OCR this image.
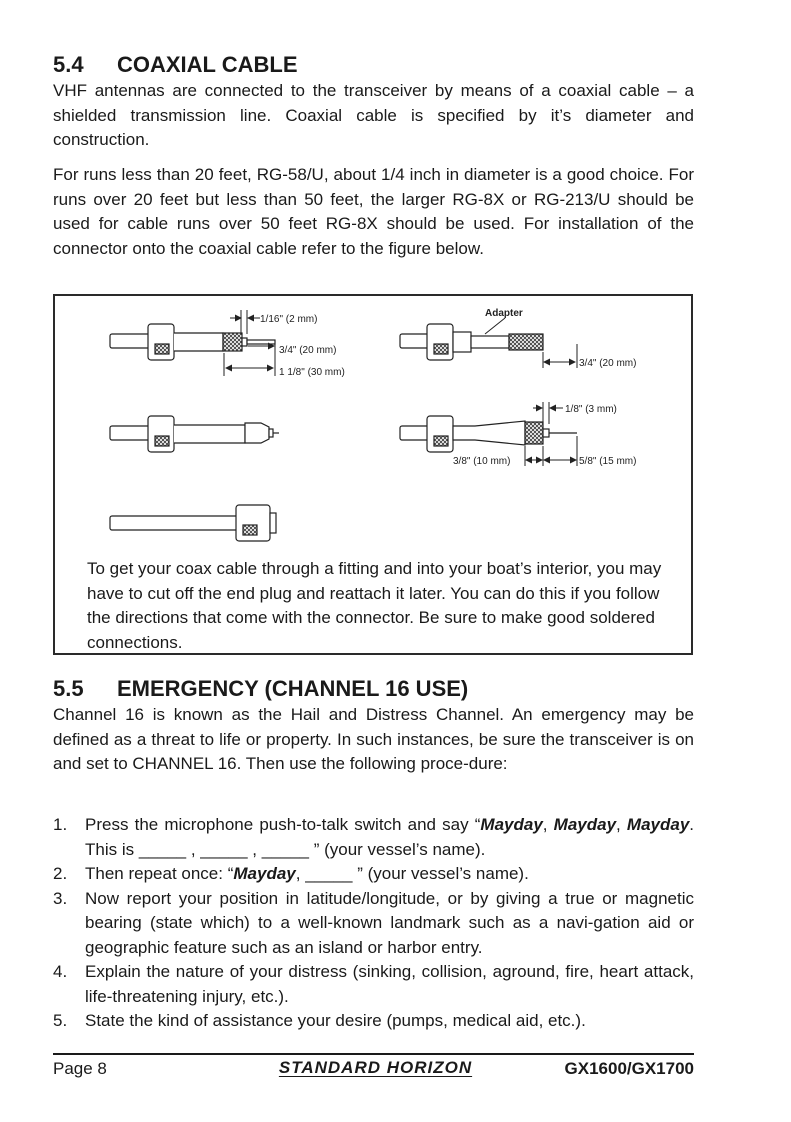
5.4 COAXIAL CABLE

VHF antennas are connected to the transceiver by means of a coaxial cable – a shielded transmission line. Coaxial cable is specified by it’s diameter and construction.

For runs less than 20 feet, RG-58/U, about 1/4 inch in diameter is a good choice. For runs over 20 feet but less than 50 feet, the larger RG-8X or RG-213/U should be used for cable runs over 50 feet RG-8X should be used. For installation of the connector onto the coaxial cable refer to the figure below.

1/16" (2 mm)
3/4" (20 mm)
1 1/8" (30 mm)
Adapter
3/4" (20 mm)
1/8" (3 mm)
3/8" (10 mm)	5/8" (15 mm)

To get your coax cable through a fitting and into your boat’s interior, you may have to cut off the end plug and reattach it later. You can do this if you follow the directions that come with the connector. Be sure to make good soldered connections.

5.5 EMERGENCY (CHANNEL 16 USE)

Channel 16 is known as the Hail and Distress Channel. An emergency may be defined as a threat to life or property. In such instances, be sure the transceiver is on and set to CHANNEL 16. Then use the following proce-dure:

1. Press the microphone push-to-talk switch and say “Mayday, Mayday, Mayday. This is _____ , _____ , _____ ” (your vessel’s name).
2. Then repeat once: “Mayday, _____ ” (your vessel’s name).
3. Now report your position in latitude/longitude, or by giving a true or magnetic bearing (state which) to a well-known landmark such as a navi-gation aid or geographic feature such as an island or harbor entry.
4. Explain the nature of your distress (sinking, collision, aground, fire, heart attack, life-threatening injury, etc.).
5. State the kind of assistance your desire (pumps, medical aid, etc.).
Page 8	STANDARD HORIZON	GX1600/GX1700
